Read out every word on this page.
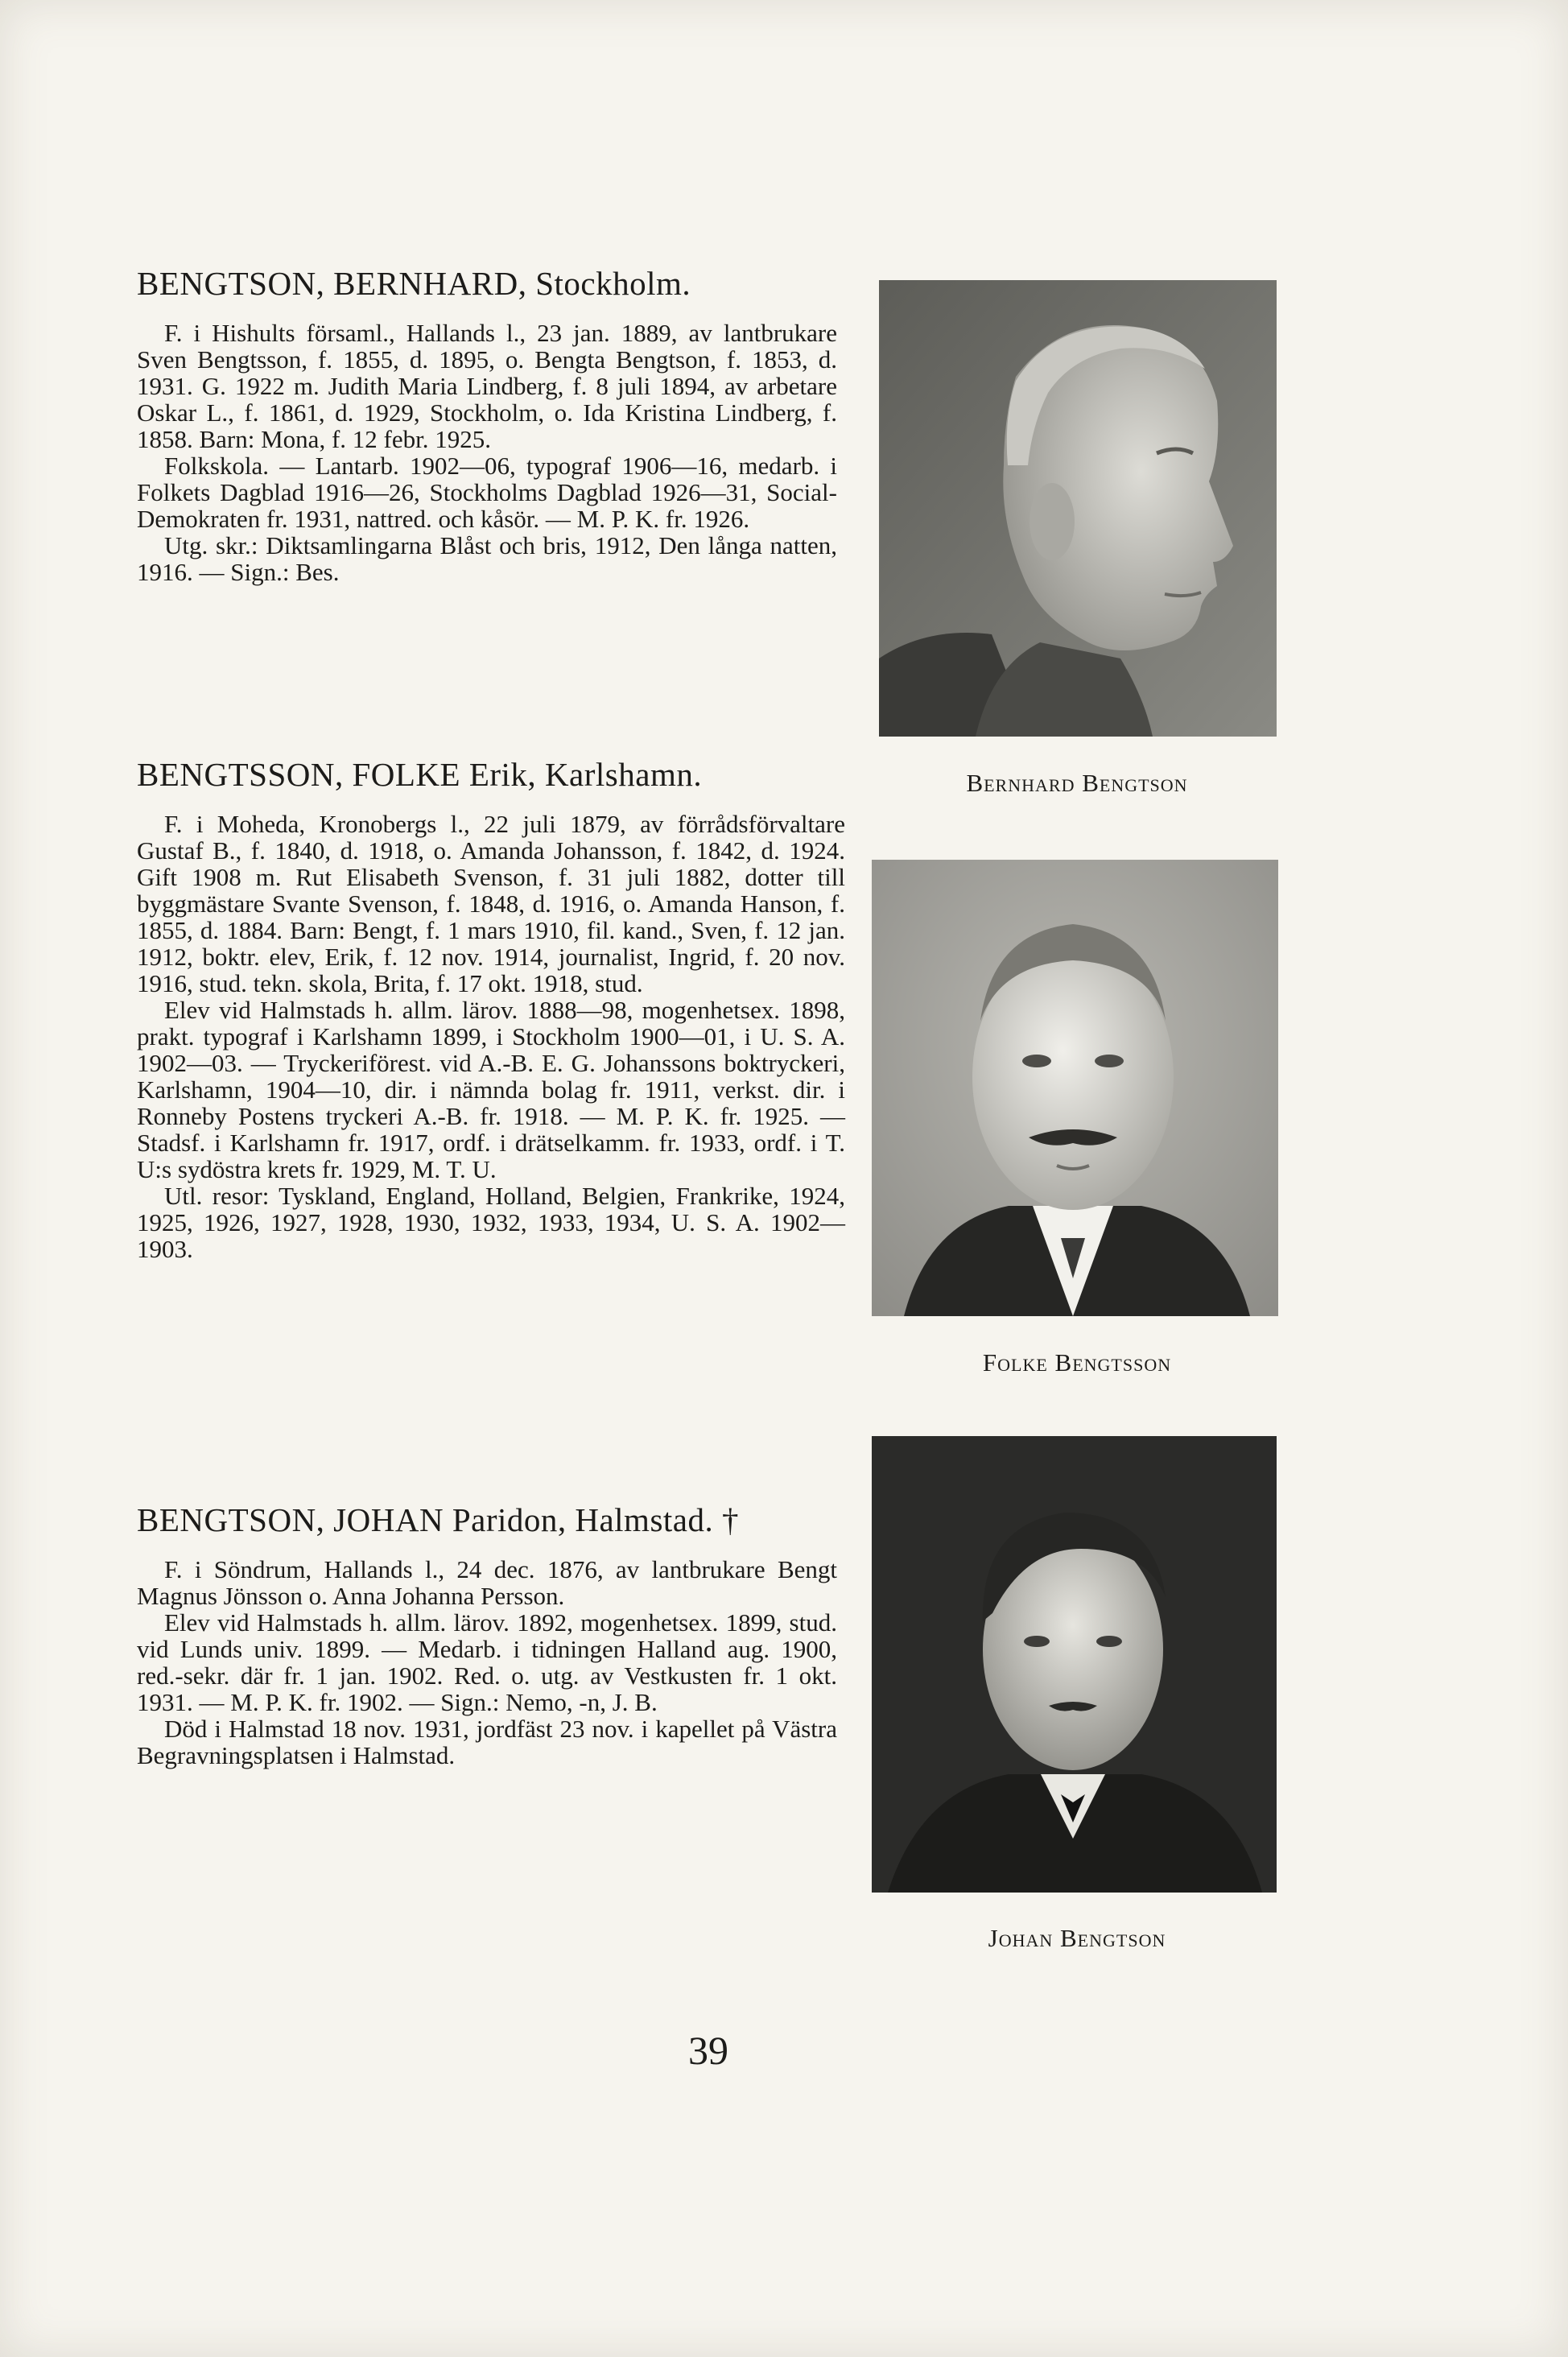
BENGTSON, BERNHARD, Stockholm.

F. i Hishults församl., Hallands l., 23 jan. 1889, av lantbrukare Sven Bengtsson, f. 1855, d. 1895, o. Bengta Bengtson, f. 1853, d. 1931. G. 1922 m. Judith Maria Lindberg, f. 8 juli 1894, av arbetare Oskar L., f. 1861, d. 1929, Stockholm, o. Ida Kristina Lindberg, f. 1858. Barn: Mona, f. 12 febr. 1925.

Folkskola. — Lantarb. 1902—06, typograf 1906—16, medarb. i Folkets Dagblad 1916—26, Stockholms Dagblad 1926—31, Social-Demokraten fr. 1931, nattred. och kåsör. — M. P. K. fr. 1926.

Utg. skr.: Diktsamlingarna Blåst och bris, 1912, Den långa natten, 1916. — Sign.: Bes.

BENGTSSON, FOLKE Erik, Karlshamn.

F. i Moheda, Kronobergs l., 22 juli 1879, av förrådsförvaltare Gustaf B., f. 1840, d. 1918, o. Amanda Johansson, f. 1842, d. 1924. Gift 1908 m. Rut Elisabeth Svenson, f. 31 juli 1882, dotter till byggmästare Svante Svenson, f. 1848, d. 1916, o. Amanda Hanson, f. 1855, d. 1884. Barn: Bengt, f. 1 mars 1910, fil. kand., Sven, f. 12 jan. 1912, boktr. elev, Erik, f. 12 nov. 1914, journalist, Ingrid, f. 20 nov. 1916, stud. tekn. skola, Brita, f. 17 okt. 1918, stud.

Elev vid Halmstads h. allm. lärov. 1888—98, mogenhetsex. 1898, prakt. typograf i Karlshamn 1899, i Stockholm 1900—01, i U. S. A. 1902—03. — Tryckeriförest. vid A.-B. E. G. Johanssons boktryckeri, Karlshamn, 1904—10, dir. i nämnda bolag fr. 1911, verkst. dir. i Ronneby Postens tryckeri A.-B. fr. 1918. — M. P. K. fr. 1925. — Stadsf. i Karlshamn fr. 1917, ordf. i drätselkamm. fr. 1933, ordf. i T. U:s sydöstra krets fr. 1929, M. T. U.

Utl. resor: Tyskland, England, Holland, Belgien, Frankrike, 1924, 1925, 1926, 1927, 1928, 1930, 1932, 1933, 1934, U. S. A. 1902—1903.

BENGTSON, JOHAN Paridon, Halmstad. †

F. i Söndrum, Hallands l., 24 dec. 1876, av lantbrukare Bengt Magnus Jönsson o. Anna Johanna Persson.

Elev vid Halmstads h. allm. lärov. 1892, mogenhetsex. 1899, stud. vid Lunds univ. 1899. — Medarb. i tidningen Halland aug. 1900, red.-sekr. där fr. 1 jan. 1902. Red. o. utg. av Vestkusten fr. 1 okt. 1931. — M. P. K. fr. 1902. — Sign.: Nemo, -n, J. B.

Död i Halmstad 18 nov. 1931, jordfäst 23 nov. i kapellet på Västra Begravningsplatsen i Halmstad.

Bernhard Bengtson
Folke Bengtsson
Johan Bengtson
39
